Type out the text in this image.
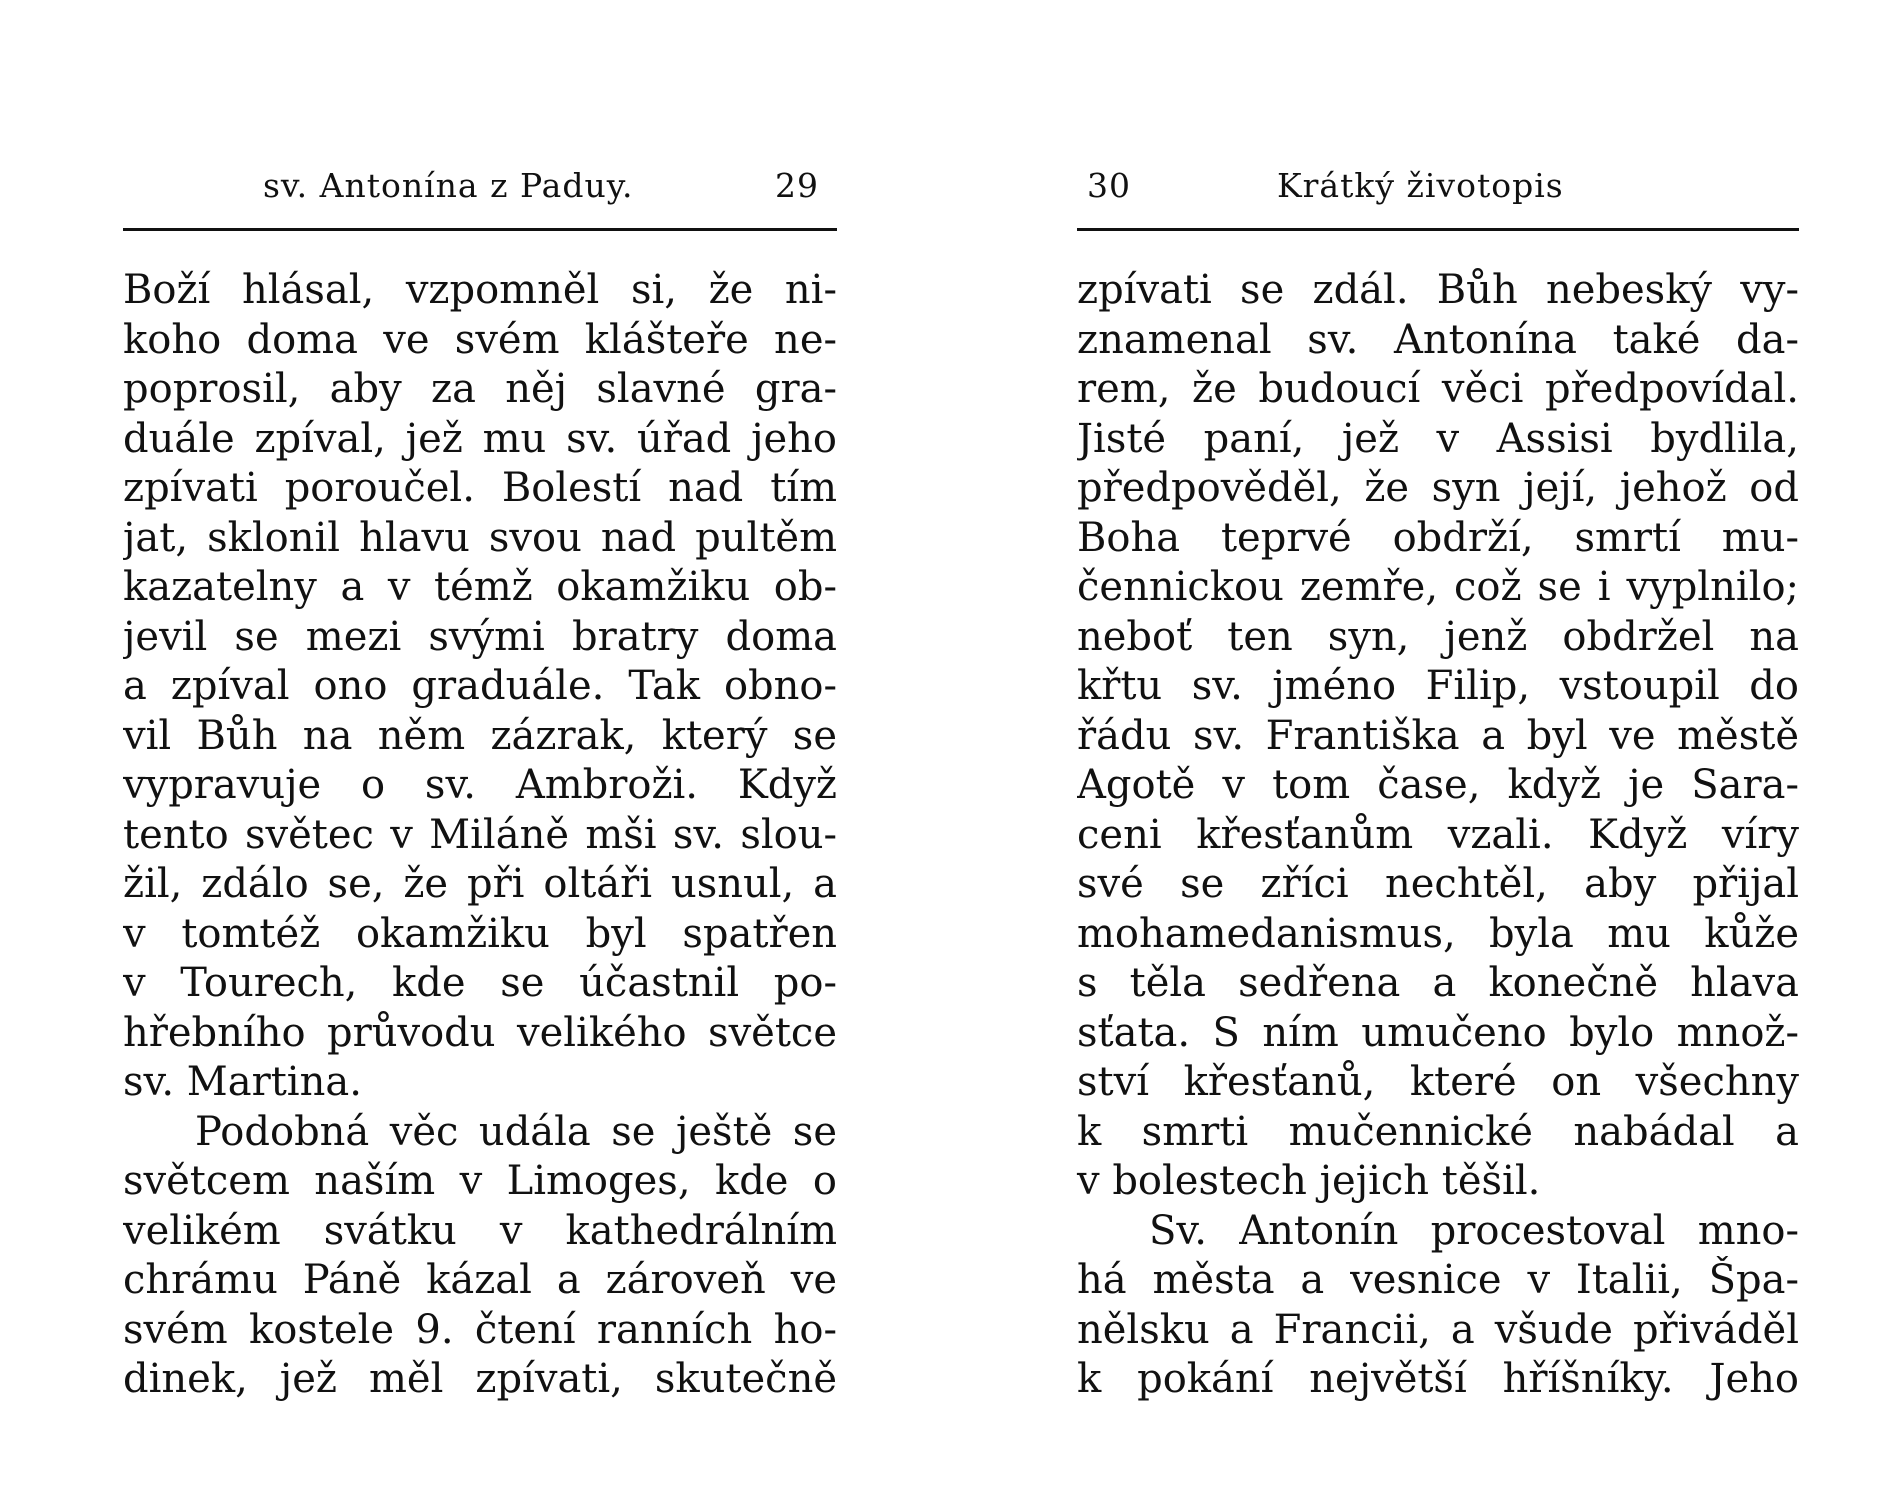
sv. Antonína z Paduy.	29
Boží hlásal, vzpomněl si, že ni-
koho doma ve svém klášteře ne-
poprosil, aby za něj slavné gra-
duále zpíval, jež mu sv. úřad jeho
zpívati poroučel. Bolestí nad tím
jat, sklonil hlavu svou nad pultěm
kazatelny a v témž okamžiku ob-
jevil se mezi svými bratry doma
a zpíval ono graduále. Tak obno-
vil Bůh na něm zázrak, který se
vypravuje o sv. Ambroži. Když
tento světec v Miláně mši sv. slou-
žil, zdálo se, že při oltáři usnul, a
v tomtéž okamžiku byl spatřen
v Tourech, kde se účastnil po-
hřebního průvodu velikého světce
sv. Martina.
Podobná věc udála se ještě se
světcem naším v Limoges, kde o
velikém svátku v kathedrálním
chrámu Páně kázal a zároveň ve
svém kostele 9. čtení ranních ho-
dinek, jež měl zpívati, skutečně
30	Krátký životopis
zpívati se zdál. Bůh nebeský vy-
znamenal sv. Antonína také da-
rem, že budoucí věci předpovídal.
Jisté paní, jež v Assisi bydlila,
předpověděl, že syn její, jehož od
Boha teprvé obdrží, smrtí mu-
čennickou zemře, což se i vyplnilo;
neboť ten syn, jenž obdržel na
křtu sv. jméno Filip, vstoupil do
řádu sv. Františka a byl ve městě
Agotě v tom čase, když je Sara-
ceni křesťanům vzali. Když víry
své se zříci nechtěl, aby přijal
mohamedanismus, byla mu kůže
s těla sedřena a konečně hlava
sťata. S ním umučeno bylo množ-
ství křesťanů, které on všechny
k smrti mučennické nabádal a
v bolestech jejich těšil.
Sv. Antonín procestoval mno-
há města a vesnice v Italii, Špa-
nělsku a Francii, a všude přiváděl
k pokání největší hříšníky. Jeho
